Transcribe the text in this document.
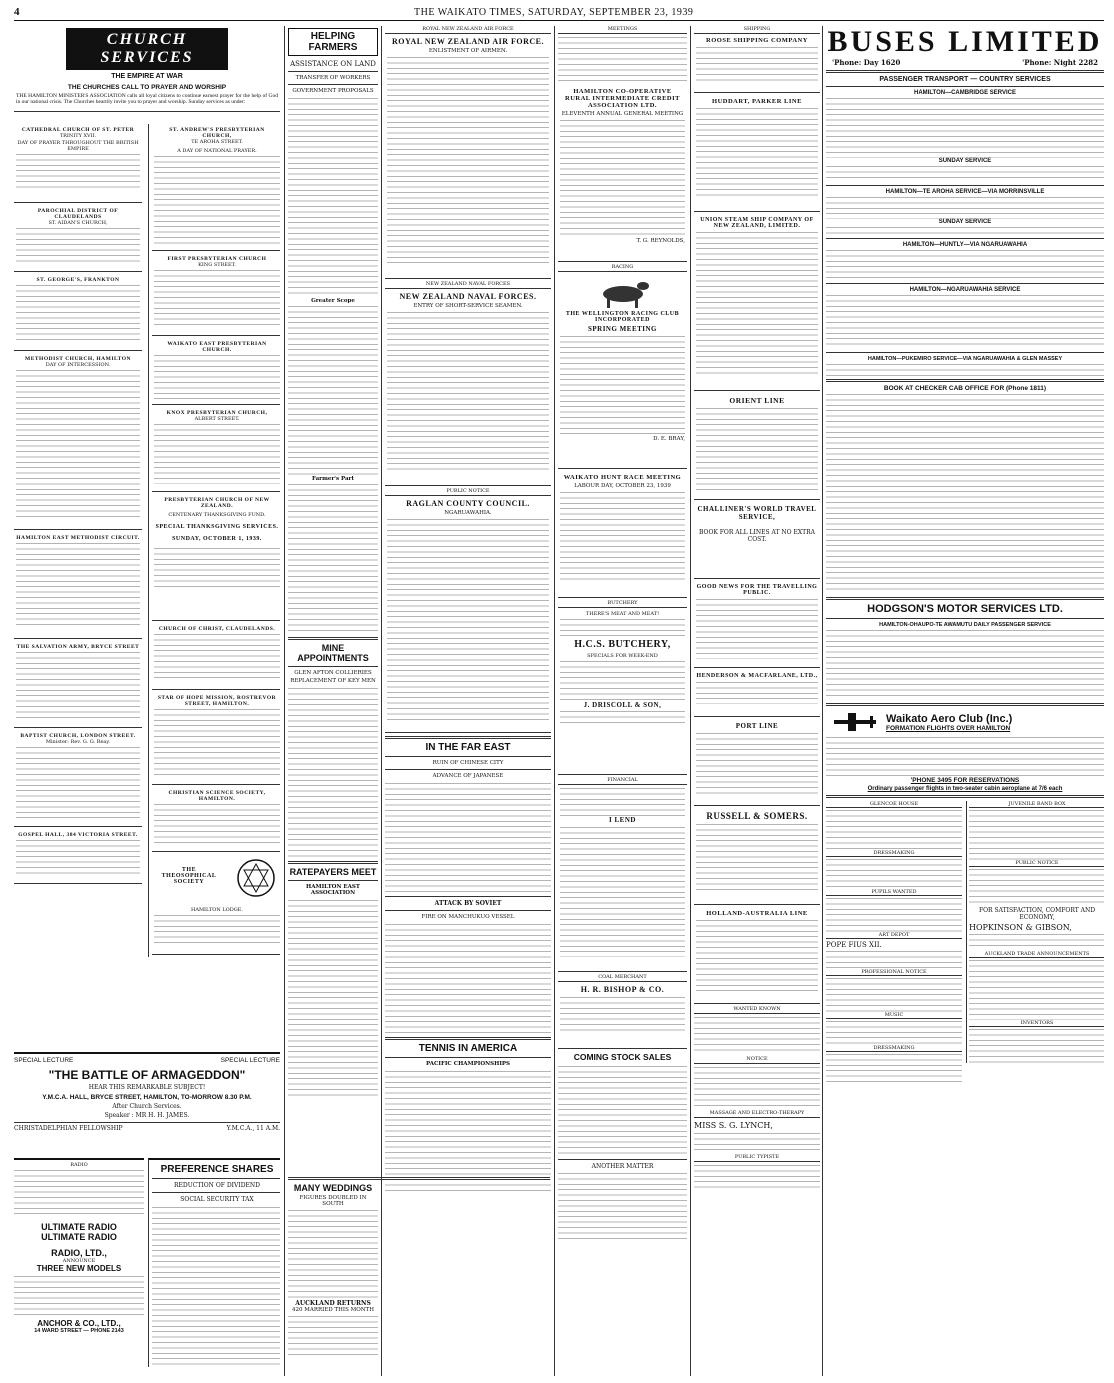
4	THE WAIKATO TIMES, SATURDAY, SEPTEMBER 23, 1939
CHURCH SERVICES
THE EMPIRE AT WAR
THE CHURCHES CALL TO PRAYER AND WORSHIP
THE HAMILTON MINISTER'S ASSOCIATION calls all loyal citizens to continue earnest prayer for the help of God in our national crisis. The Churches heartily invite you to prayer and worship. Sunday services as under:
CATHEDRAL CHURCH OF ST. PETER
TRINITY XVII.
DAY OF PRAYER THROUGHOUT THE BRITISH EMPIRE
PAROCHIAL DISTRICT OF CLAUDELANDS
ST. AIDAN'S CHURCH,
ST. GEORGE'S, FRANKTON
METHODIST CHURCH, HAMILTON
DAY OF INTERCESSION.
HAMILTON EAST METHODIST CIRCUIT.
THE SALVATION ARMY, BRYCE STREET
BAPTIST CHURCH, LONDON STREET.
Minister: Rev. G. G. Reay.
GOSPEL HALL, 384 VICTORIA STREET.
ST. ANDREW'S PRESBYTERIAN CHURCH,
TE AROHA STREET.
A DAY OF NATIONAL PRAYER.
FIRST PRESBYTERIAN CHURCH
KING STREET.
WAIKATO EAST PRESBYTERIAN CHURCH.
KNOX PRESBYTERIAN CHURCH,
ALBERT STREET.
PRESBYTERIAN CHURCH OF NEW ZEALAND.
CENTENARY THANKSGIVING FUND.
SPECIAL THANKSGIVING SERVICES.
SUNDAY, OCTOBER 1, 1939.
CHURCH OF CHRIST, CLAUDELANDS.
STAR OF HOPE MISSION, ROSTREVOR STREET, HAMILTON.
CHRISTIAN SCIENCE SOCIETY, HAMILTON.
THE THEOSOPHICAL SOCIETY
HAMILTON LODGE.
SPECIAL LECTURE	SPECIAL LECTURE
"THE BATTLE OF ARMAGEDDON"
HEAR THIS REMARKABLE SUBJECT!
Y.M.C.A. HALL, BRYCE STREET, HAMILTON, TO-MORROW 8.30 P.M.
After Church Services.
Speaker : MR H. H. JAMES.
CHRISTADELPHIAN FELLOWSHIP	Y.M.C.A., 11 A.M.
RADIO
ULTIMATE RADIO
ULTIMATE RADIO
RADIO, LTD.,
ANNOUNCE
THREE NEW MODELS
ANCHOR & CO., LTD.,
14 WARD STREET — PHONE 2143
PREFERENCE SHARES
REDUCTION OF DIVIDEND
SOCIAL SECURITY TAX
HELPING FARMERS
ASSISTANCE ON LAND
TRANSFER OF WORKERS
GOVERNMENT PROPOSALS
Greater Scope
Farmer's Part
MINE APPOINTMENTS
GLEN AFTON COLLIERIES
REPLACEMENT OF KEY MEN
RATEPAYERS MEET
HAMILTON EAST ASSOCIATION
ROYAL NEW ZEALAND AIR FORCE
ROYAL NEW ZEALAND AIR FORCE.
ENLISTMENT OF AIRMEN.
NEW ZEALAND NAVAL FORCES
NEW ZEALAND NAVAL FORCES.
ENTRY OF SHORT-SERVICE SEAMEN.
PUBLIC NOTICE
RAGLAN COUNTY COUNCIL.
NGARUAWAHIA.
IN THE FAR EAST
RUIN OF CHINESE CITY
ADVANCE OF JAPANESE
ATTACK BY SOVIET
FIRE ON MANCHUKUO VESSEL
TENNIS IN AMERICA
PACIFIC CHAMPIONSHIPS
MEETINGS
HAMILTON CO-OPERATIVE RURAL INTERMEDIATE CREDIT ASSOCIATION LTD.
ELEVENTH ANNUAL GENERAL MEETING
T. G. REYNOLDS,
RACING
THE WELLINGTON RACING CLUB INCORPORATED
SPRING MEETING
D. E. BRAY,
WAIKATO HUNT RACE MEETING
LABOUR DAY, OCTOBER 23, 1939
BUTCHERY
THERE'S MEAT AND MEAT!
H.C.S. BUTCHERY,
SPECIALS FOR WEEK-END
J. DRISCOLL & SON,
FINANCIAL
I LEND
COAL MERCHANT
H. R. BISHOP & CO.
COMING STOCK SALES
ANOTHER MATTER
SHIPPING
ROOSE SHIPPING COMPANY
HUDDART, PARKER LINE
UNION STEAM SHIP COMPANY OF NEW ZEALAND, LIMITED.
ORIENT LINE
CHALLINER'S WORLD TRAVEL SERVICE,
BOOK FOR ALL LINES AT NO EXTRA COST.
GOOD NEWS FOR THE TRAVELLING PUBLIC.
HENDERSON & MACFARLANE, LTD.,
PORT LINE
RUSSELL & SOMERS.
HOLLAND-AUSTRALIA LINE
WANTED KNOWN
NOTICE
MASSAGE AND ELECTRO-THERAPY
MISS S. G. LYNCH,
PUBLIC TYPISTE
BUSES LIMITED
'Phone: Day 1620	'Phone: Night 2282
PASSENGER TRANSPORT — COUNTRY SERVICES
HAMILTON—CAMBRIDGE SERVICE
SUNDAY SERVICE
HAMILTON—TE AROHA SERVICE—VIA MORRINSVILLE
SUNDAY SERVICE
HAMILTON—HUNTLY—VIA NGARUAWAHIA
HAMILTON—NGARUAWAHIA SERVICE
HAMILTON—PUKEMIRO SERVICE—VIA NGARUAWAHIA & GLEN MASSEY
BOOK AT CHECKER CAB OFFICE FOR (Phone 1811)
HODGSON'S MOTOR SERVICES LTD.
HAMILTON-OHAUPO-TE AWAMUTU DAILY PASSENGER SERVICE
Waikato Aero Club (Inc.)
FORMATION FLIGHTS OVER HAMILTON
'PHONE 3495 FOR RESERVATIONS
Ordinary passenger flights in two-seater cabin aeroplane at 7/6 each
GLENCOE HOUSE
DRESSMAKING
PUPILS WANTED
ART DEPOT
POPE FIUS XII.
PROFESSIONAL NOTICE
MUSIC
DRESSMAKING
JUVENILE BAND BOX
PUBLIC NOTICE
FOR SATISFACTION, COMFORT AND ECONOMY,
HOPKINSON & GIBSON,
AUCKLAND TRADE ANNOUNCEMENTS
INVENTORS
MANY WEDDINGS
FIGURES DOUBLED IN SOUTH
AUCKLAND RETURNS
420 MARRIED THIS MONTH
